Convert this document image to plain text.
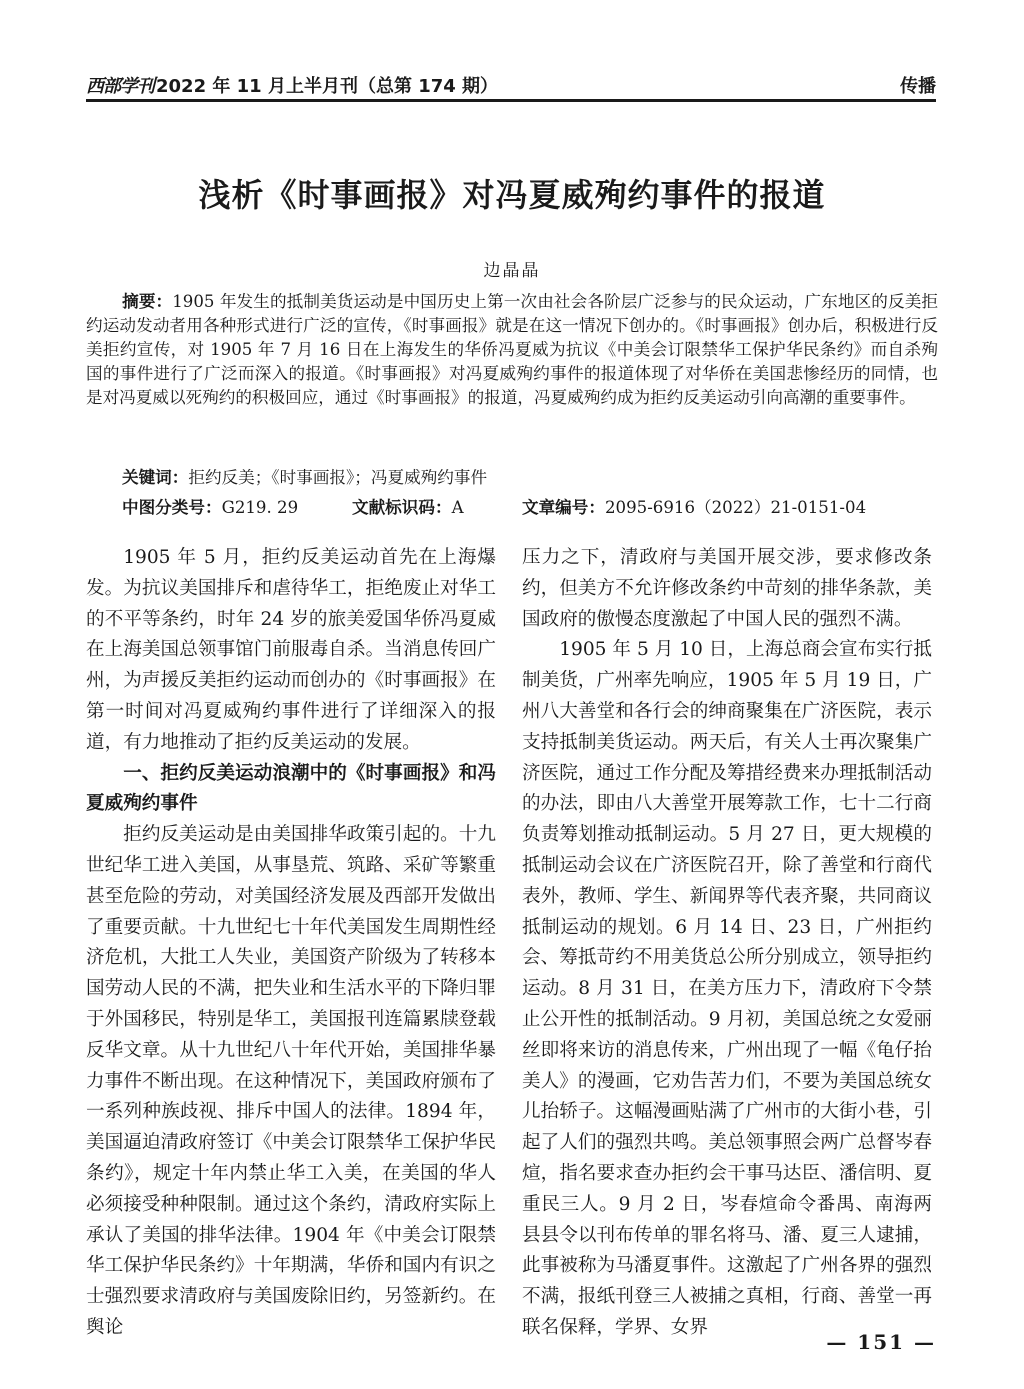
西部学刊 2022 年 11 月上半月刊（总第 174 期）	传播
浅析《时事画报》对冯夏威殉约事件的报道
边晶晶
摘要：1905 年发生的抵制美货运动是中国历史上第一次由社会各阶层广泛参与的民众运动，广东地区的反美拒约运动发动者用各种形式进行广泛的宣传，《时事画报》就是在这一情况下创办的。《时事画报》创办后，积极进行反美拒约宣传，对 1905 年 7 月 16 日在上海发生的华侨冯夏威为抗议《中美会订限禁华工保护华民条约》而自杀殉国的事件进行了广泛而深入的报道。《时事画报》对冯夏威殉约事件的报道体现了对华侨在美国悲惨经历的同情，也是对冯夏威以死殉约的积极回应，通过《时事画报》的报道，冯夏威殉约成为拒约反美运动引向高潮的重要事件。
关键词：拒约反美；《时事画报》；冯夏威殉约事件
中图分类号：G219. 29	文献标识码：A	文章编号：2095-6916（2022）21-0151-04

1905 年 5 月，拒约反美运动首先在上海爆发。为抗议美国排斥和虐待华工，拒绝废止对华工的不平等条约，时年 24 岁的旅美爱国华侨冯夏威在上海美国总领事馆门前服毒自杀。当消息传回广州，为声援反美拒约运动而创办的《时事画报》在第一时间对冯夏威殉约事件进行了详细深入的报道，有力地推动了拒约反美运动的发展。

一、拒约反美运动浪潮中的《时事画报》和冯夏威殉约事件

拒约反美运动是由美国排华政策引起的。十九世纪华工进入美国，从事垦荒、筑路、采矿等繁重甚至危险的劳动，对美国经济发展及西部开发做出了重要贡献。十九世纪七十年代美国发生周期性经济危机，大批工人失业，美国资产阶级为了转移本国劳动人民的不满，把失业和生活水平的下降归罪于外国移民，特别是华工，美国报刊连篇累牍登载反华文章。从十九世纪八十年代开始，美国排华暴力事件不断出现。在这种情况下，美国政府颁布了一系列种族歧视、排斥中国人的法律。1894 年，美国逼迫清政府签订《中美会订限禁华工保护华民条约》，规定十年内禁止华工入美，在美国的华人必须接受种种限制。通过这个条约，清政府实际上承认了美国的排华法律。1904 年《中美会订限禁华工保护华民条约》十年期满，华侨和国内有识之士强烈要求清政府与美国废除旧约，另签新约。在舆论

压力之下，清政府与美国开展交涉，要求修改条约，但美方不允许修改条约中苛刻的排华条款，美国政府的傲慢态度激起了中国人民的强烈不满。

1905 年 5 月 10 日，上海总商会宣布实行抵制美货，广州率先响应，1905 年 5 月 19 日，广州八大善堂和各行会的绅商聚集在广济医院，表示支持抵制美货运动。两天后，有关人士再次聚集广济医院，通过工作分配及筹措经费来办理抵制活动的办法，即由八大善堂开展筹款工作，七十二行商负责筹划推动抵制运动。5 月 27 日，更大规模的抵制运动会议在广济医院召开，除了善堂和行商代表外，教师、学生、新闻界等代表齐聚，共同商议抵制运动的规划。6 月 14 日、23 日，广州拒约会、筹抵苛约不用美货总公所分别成立，领导拒约运动。8 月 31 日，在美方压力下，清政府下令禁止公开性的抵制活动。9 月初，美国总统之女爱丽丝即将来访的消息传来，广州出现了一幅《龟仔抬美人》的漫画，它劝告苦力们，不要为美国总统女儿抬轿子。这幅漫画贴满了广州市的大街小巷，引起了人们的强烈共鸣。美总领事照会两广总督岑春煊，指名要求查办拒约会干事马达臣、潘信明、夏重民三人。9 月 2 日，岑春煊命令番禺、南海两县县令以刊布传单的罪名将马、潘、夏三人逮捕，此事被称为马潘夏事件。这激起了广州各界的强烈不满，报纸刊登三人被捕之真相，行商、善堂一再联名保释，学界、女界

— 151 —
